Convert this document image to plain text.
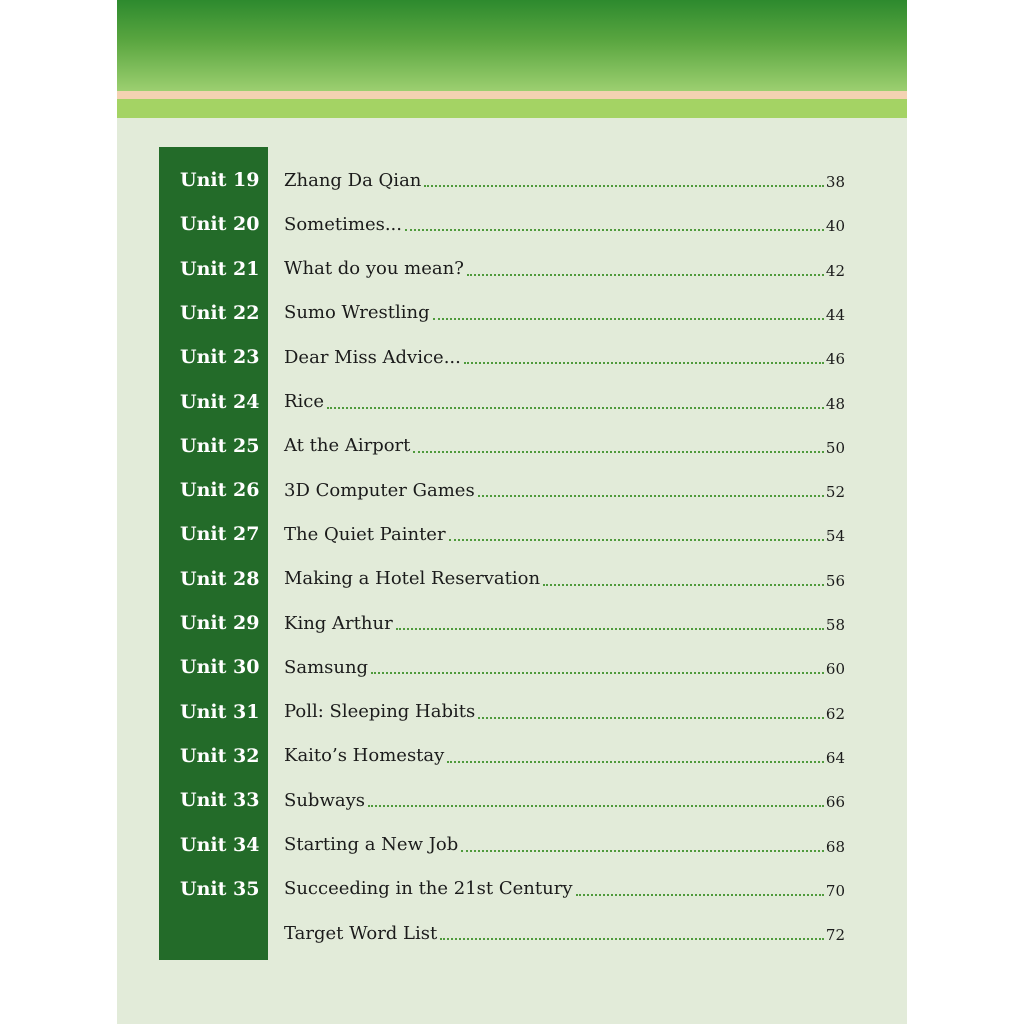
Unit 19	Zhang Da Qian	38
Unit 20	Sometimes...	40
Unit 21	What do you mean?	42
Unit 22	Sumo Wrestling	44
Unit 23	Dear Miss Advice...	46
Unit 24	Rice	48
Unit 25	At the Airport	50
Unit 26	3D Computer Games	52
Unit 27	The Quiet Painter	54
Unit 28	Making a Hotel Reservation	56
Unit 29	King Arthur	58
Unit 30	Samsung	60
Unit 31	Poll: Sleeping Habits	62
Unit 32	Kaito’s Homestay	64
Unit 33	Subways	66
Unit 34	Starting a New Job	68
Unit 35	Succeeding in the 21st Century	70
Target Word List	72
